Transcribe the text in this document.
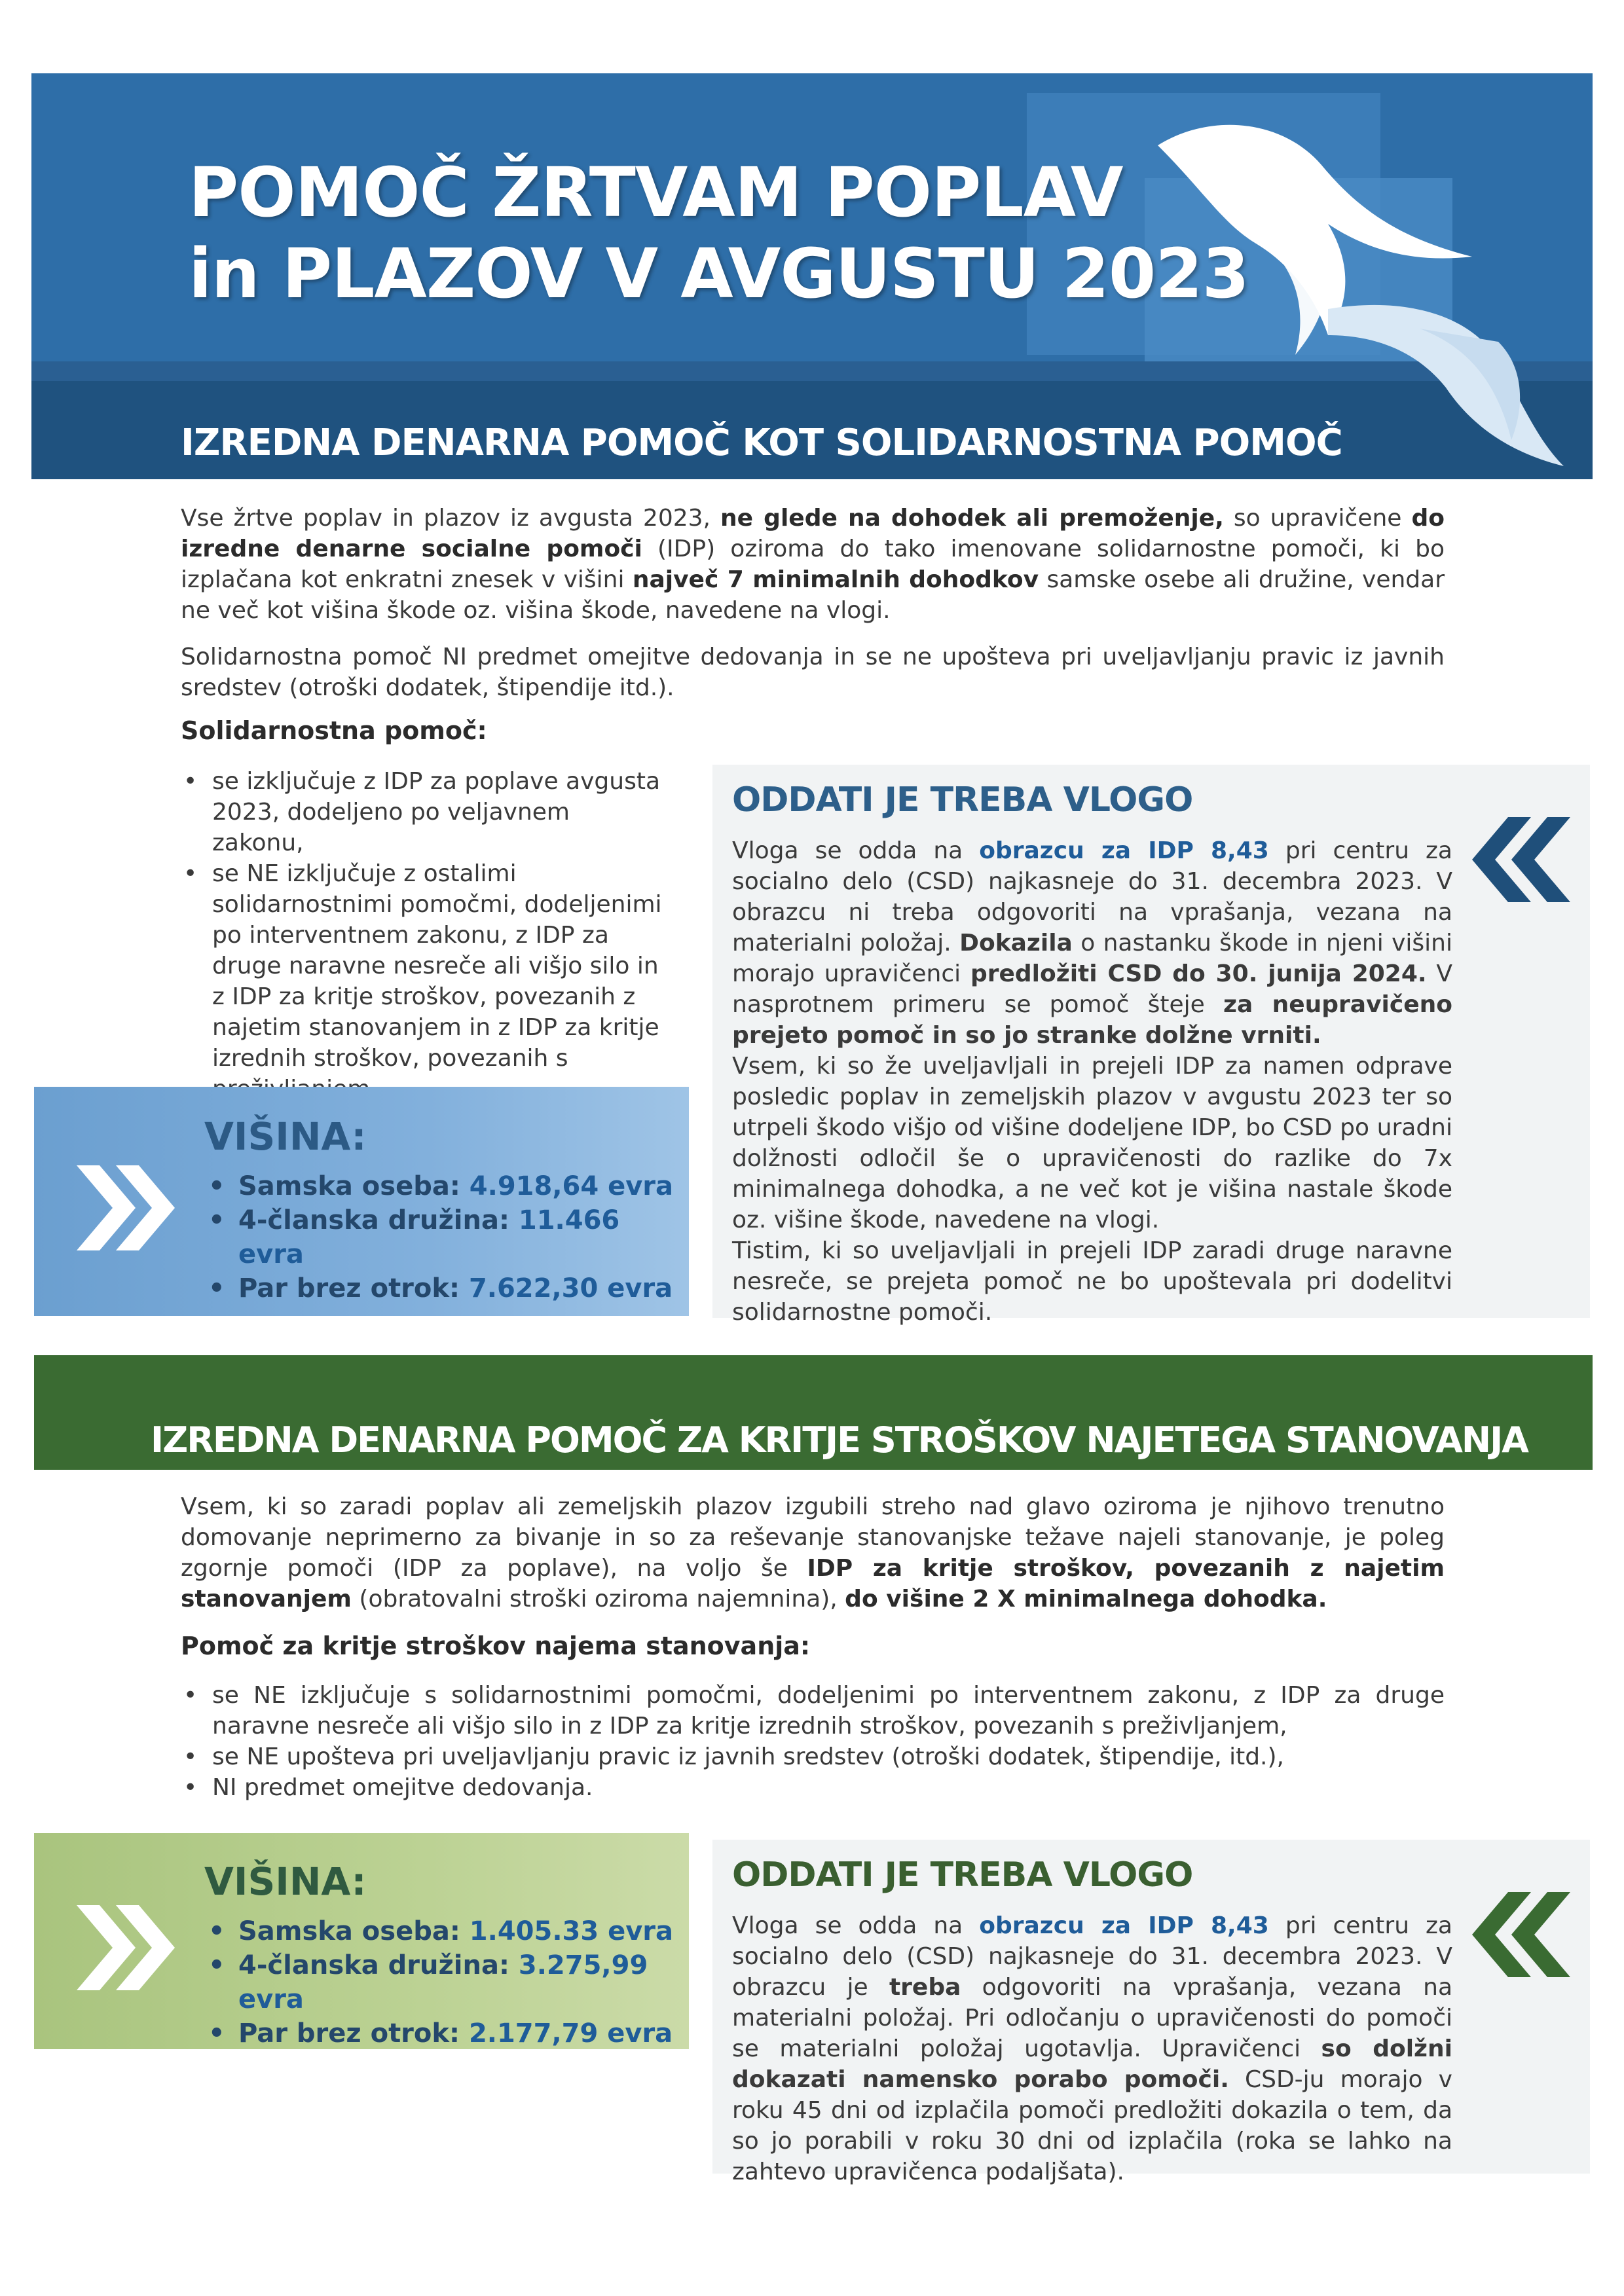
POMOČ ŽRTVAM POPLAV
in PLAZOV V AVGUSTU 2023
IZREDNA DENARNA POMOČ KOT SOLIDARNOSTNA POMOČ
Vse žrtve poplav in plazov iz avgusta 2023, ne glede na dohodek ali premoženje, so upravičene do izredne denarne socialne pomoči (IDP) oziroma do tako imenovane solidarnostne pomoči, ki bo izplačana kot enkratni znesek v višini največ 7 minimalnih dohodkov samske osebe ali družine, vendar ne več kot višina škode oz. višina škode, navedene na vlogi.
Solidarnostna pomoč NI predmet omejitve dedovanja in se ne upošteva pri uveljavljanju pravic iz javnih sredstev (otroški dodatek, štipendije itd.).
Solidarnostna pomoč:
• se izključuje z IDP za poplave avgusta 2023, dodeljeno po veljavnem zakonu,
• se NE izključuje z ostalimi solidarnostnimi pomočmi, dodeljenimi po interventnem zakonu, z IDP za druge naravne nesreče ali višjo silo in z IDP za kritje stroškov, povezanih z najetim stanovanjem in z IDP za kritje izrednih stroškov, povezanih s
VIŠINA:
• Samska oseba: 4.918,64 evra
• 4-članska družina: 11.466 evra
• Par brez otrok: 7.622,30 evra
ODDATI JE TREBA VLOGO
Vloga se odda na obrazcu za IDP 8,43 pri centru za socialno delo (CSD) najkasneje do 31. decembra 2023. V obrazcu ni treba odgovoriti na vprašanja, vezana na materialni položaj. Dokazila o nastanku škode in njeni višini morajo upravičenci predložiti CSD do 30. junija 2024. V nasprotnem primeru se pomoč šteje za neupravičeno prejeto pomoč in so jo stranke dolžne vrniti.
Vsem, ki so že uveljavljali in prejeli IDP za namen odprave posledic poplav in zemeljskih plazov v avgustu 2023 ter so utrpeli škodo višjo od višine dodeljene IDP, bo CSD po uradni dolžnosti odločil še o upravičenosti do razlike do 7x minimalnega dohodka, a ne več kot je višina nastale škode oz. višine škode, navedene na vlogi.
Tistim, ki so uveljavljali in prejeli IDP zaradi druge naravne nesreče, se prejeta pomoč ne bo upoštevala pri dodelitvi solidarnostne pomoči.
IZREDNA DENARNA POMOČ ZA KRITJE STROŠKOV NAJETEGA STANOVANJA
Vsem, ki so zaradi poplav ali zemeljskih plazov izgubili streho nad glavo oziroma je njihovo trenutno domovanje neprimerno za bivanje in so za reševanje stanovanjske težave najeli stanovanje, je poleg zgornje pomoči (IDP za poplave), na voljo še IDP za kritje stroškov, povezanih z najetim stanovanjem (obratovalni stroški oziroma najemnina), do višine 2 X minimalnega dohodka.
Pomoč za kritje stroškov najema stanovanja:
• se NE izključuje s solidarnostnimi pomočmi, dodeljenimi po interventnem zakonu, z IDP za druge naravne nesreče ali višjo silo in z IDP za kritje izrednih stroškov, povezanih s preživljanjem,
• se NE upošteva pri uveljavljanju pravic iz javnih sredstev (otroški dodatek, štipendije, itd.),
• NI predmet omejitve dedovanja.
VIŠINA:
• Samska oseba: 1.405.33 evra
• 4-članska družina: 3.275,99 evra
• Par brez otrok: 2.177,79 evra
ODDATI JE TREBA VLOGO
Vloga se odda na obrazcu za IDP 8,43 pri centru za socialno delo (CSD) najkasneje do 31. decembra 2023. V obrazcu je treba odgovoriti na vprašanja, vezana na materialni položaj. Pri odločanju o upravičenosti do pomoči se materialni položaj ugotavlja. Upravičenci so dolžni dokazati namensko porabo pomoči. CSD-ju morajo v roku 45 dni od izplačila pomoči predložiti dokazila o tem, da so jo porabili v roku 30 dni od izplačila (roka se lahko na zahtevo upravičenca podaljšata).
